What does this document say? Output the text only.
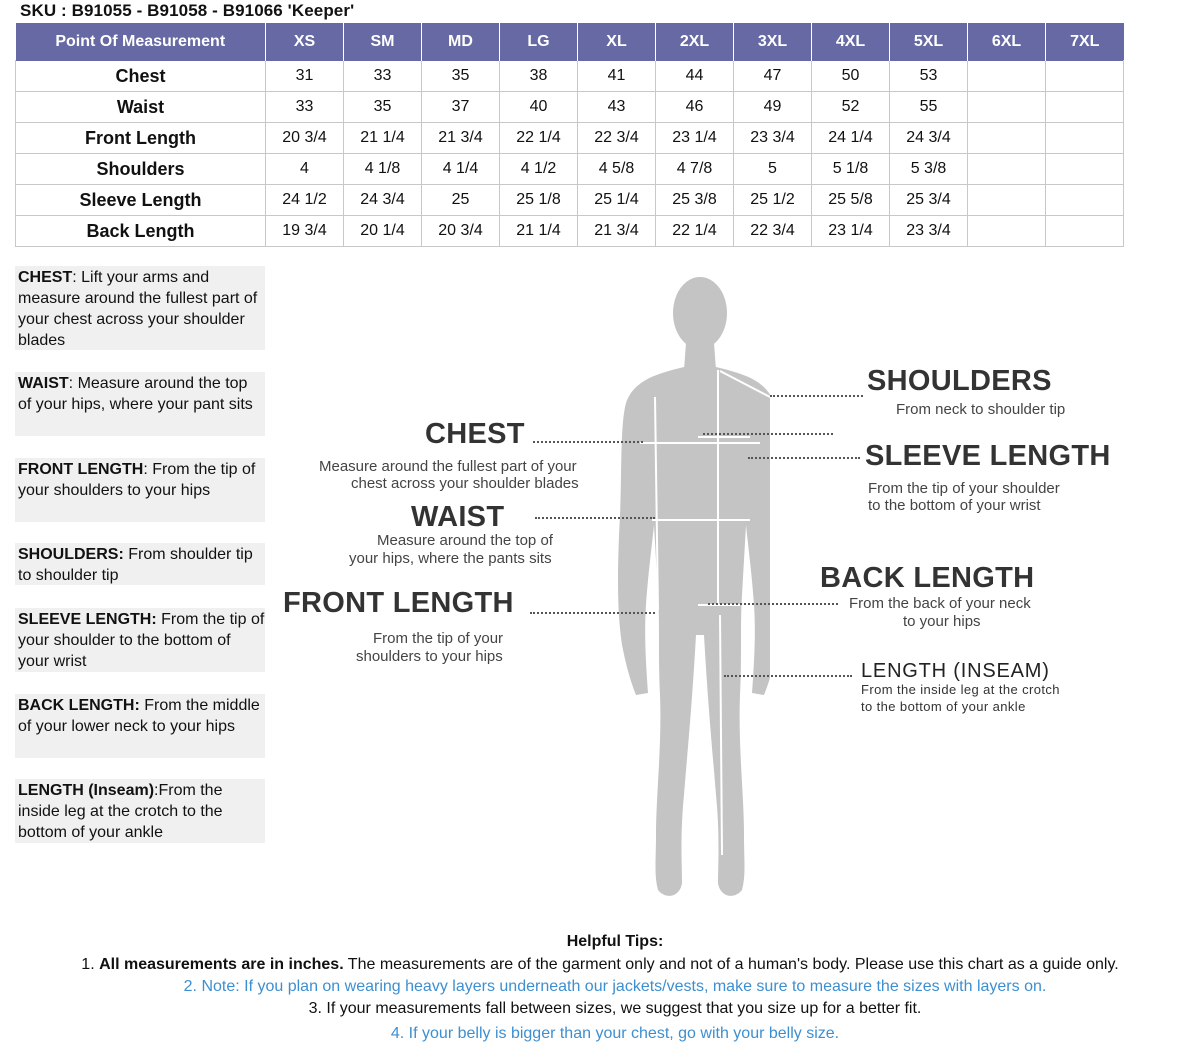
SKU : B91055 - B91058 - B91066 'Keeper'
Point Of Measurement	XS	SM	MD	LG	XL	2XL	3XL	4XL	5XL	6XL	7XL
Chest	31	33	35	38	41	44	47	50	53		
Waist	33	35	37	40	43	46	49	52	55		
Front Length	20 3/4	21 1/4	21 3/4	22 1/4	22 3/4	23 1/4	23 3/4	24 1/4	24 3/4		
Shoulders	4	4 1/8	4 1/4	4 1/2	4 5/8	4 7/8	5	5 1/8	5 3/8		
Sleeve Length	24 1/2	24 3/4	25	25 1/8	25 1/4	25 3/8	25 1/2	25 5/8	25 3/4		
Back Length	19 3/4	20 1/4	20 3/4	21 1/4	21 3/4	22 1/4	22 3/4	23 1/4	23 3/4		
CHEST: Lift your arms and measure around the fullest part of your chest across your shoulder blades
WAIST: Measure around the top of your hips, where your pant sits
FRONT LENGTH: From the tip of your shoulders to your hips
SHOULDERS: From shoulder tip to shoulder tip
SLEEVE LENGTH: From the tip of your shoulder to the bottom of your wrist
BACK LENGTH: From the middle of your lower neck to your hips
LENGTH (Inseam):From the inside leg at the crotch to the bottom of your ankle
CHEST
Measure around the fullest part of your
chest across your shoulder blades
WAIST
Measure around the top of
your hips, where the pants sits
FRONT LENGTH
From the tip of your
shoulders to your hips
SHOULDERS
From neck to shoulder tip
SLEEVE LENGTH
From the tip of your shoulder
to the bottom of your wrist
BACK LENGTH
From the back of your neck
to your hips
LENGTH (INSEAM)
From the inside leg at the crotch
to the bottom of your ankle
Helpful Tips:
1. All measurements are in inches. The measurements are of the garment only and not of a human's body. Please use this chart as a guide only.
2. Note: If you plan on wearing heavy layers underneath our jackets/vests, make sure to measure the sizes with layers on.
3. If your measurements fall between sizes, we suggest that you size up for a better fit.
4. If your belly is bigger than your chest, go with your belly size.
